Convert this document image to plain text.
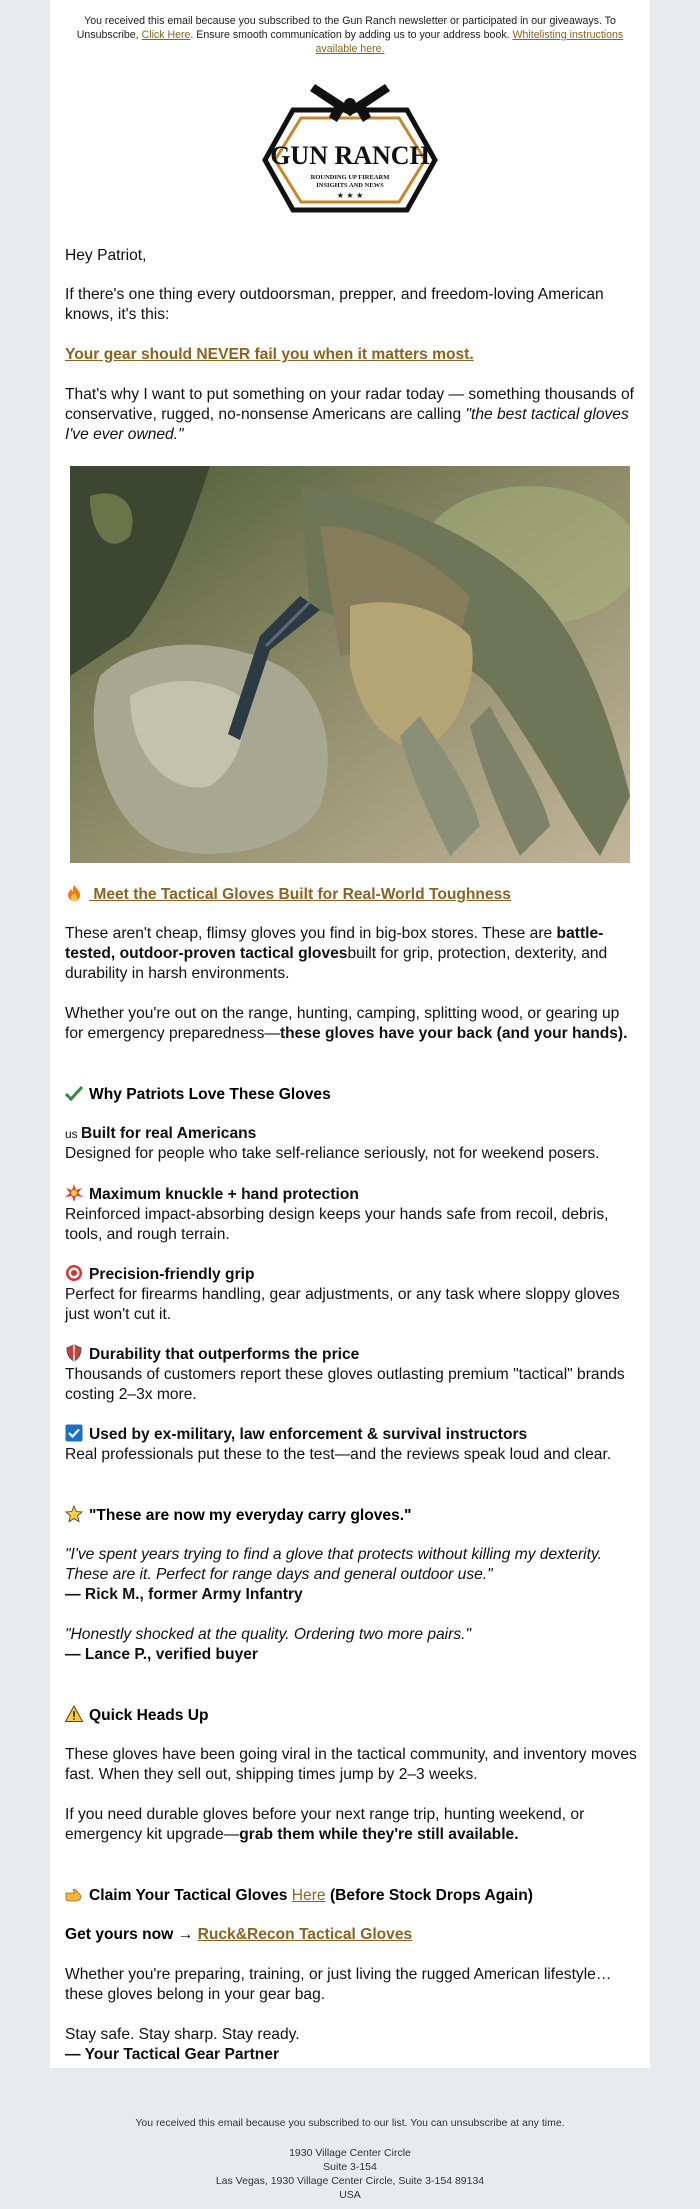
You received this email because you subscribed to the Gun Ranch newsletter or participated in our giveaways. To Unsubscribe, Click Here. Ensure smooth communication by adding us to your address book. Whitelisting instructions available here.
GUN RANCH
ROUNDING UP FIREARM
INSIGHTS AND NEWS
★ ★ ★

Hey Patriot,

If there's one thing every outdoorsman, prepper, and freedom-loving American knows, it's this:

Your gear should NEVER fail you when it matters most.

That's why I want to put something on your radar today — something thousands of conservative, rugged, no-nonsense Americans are calling "the best tactical gloves I've ever owned."

Meet the Tactical Gloves Built for Real-World Toughness

These aren't cheap, flimsy gloves you find in big-box stores. These are battle-tested, outdoor-proven tactical glovesbuilt for grip, protection, dexterity, and durability in harsh environments.

Whether you're out on the range, hunting, camping, splitting wood, or gearing up for emergency preparedness—these gloves have your back (and your hands).

Why Patriots Love These Gloves

us Built for real Americans
Designed for people who take self-reliance seriously, not for weekend posers.

Maximum knuckle + hand protection
Reinforced impact-absorbing design keeps your hands safe from recoil, debris, tools, and rough terrain.

Precision-friendly grip
Perfect for firearms handling, gear adjustments, or any task where sloppy gloves just won't cut it.

Durability that outperforms the price
Thousands of customers report these gloves outlasting premium "tactical" brands costing 2–3x more.

Used by ex-military, law enforcement & survival instructors
Real professionals put these to the test—and the reviews speak loud and clear.

"These are now my everyday carry gloves."

"I've spent years trying to find a glove that protects without killing my dexterity. These are it. Perfect for range days and general outdoor use."
— Rick M., former Army Infantry

"Honestly shocked at the quality. Ordering two more pairs."
— Lance P., verified buyer

Quick Heads Up

These gloves have been going viral in the tactical community, and inventory moves fast. When they sell out, shipping times jump by 2–3 weeks.

If you need durable gloves before your next range trip, hunting weekend, or emergency kit upgrade—grab them while they're still available.

Claim Your Tactical Gloves Here (Before Stock Drops Again)

Get yours now → Ruck&Recon Tactical Gloves

Whether you're preparing, training, or just living the rugged American lifestyle… these gloves belong in your gear bag.

Stay safe. Stay sharp. Stay ready.
— Your Tactical Gear Partner

You received this email because you subscribed to our list. You can unsubscribe at any time.
1930 Village Center Circle
Suite 3-154
Las Vegas, 1930 Village Center Circle, Suite 3-154 89134
USA
